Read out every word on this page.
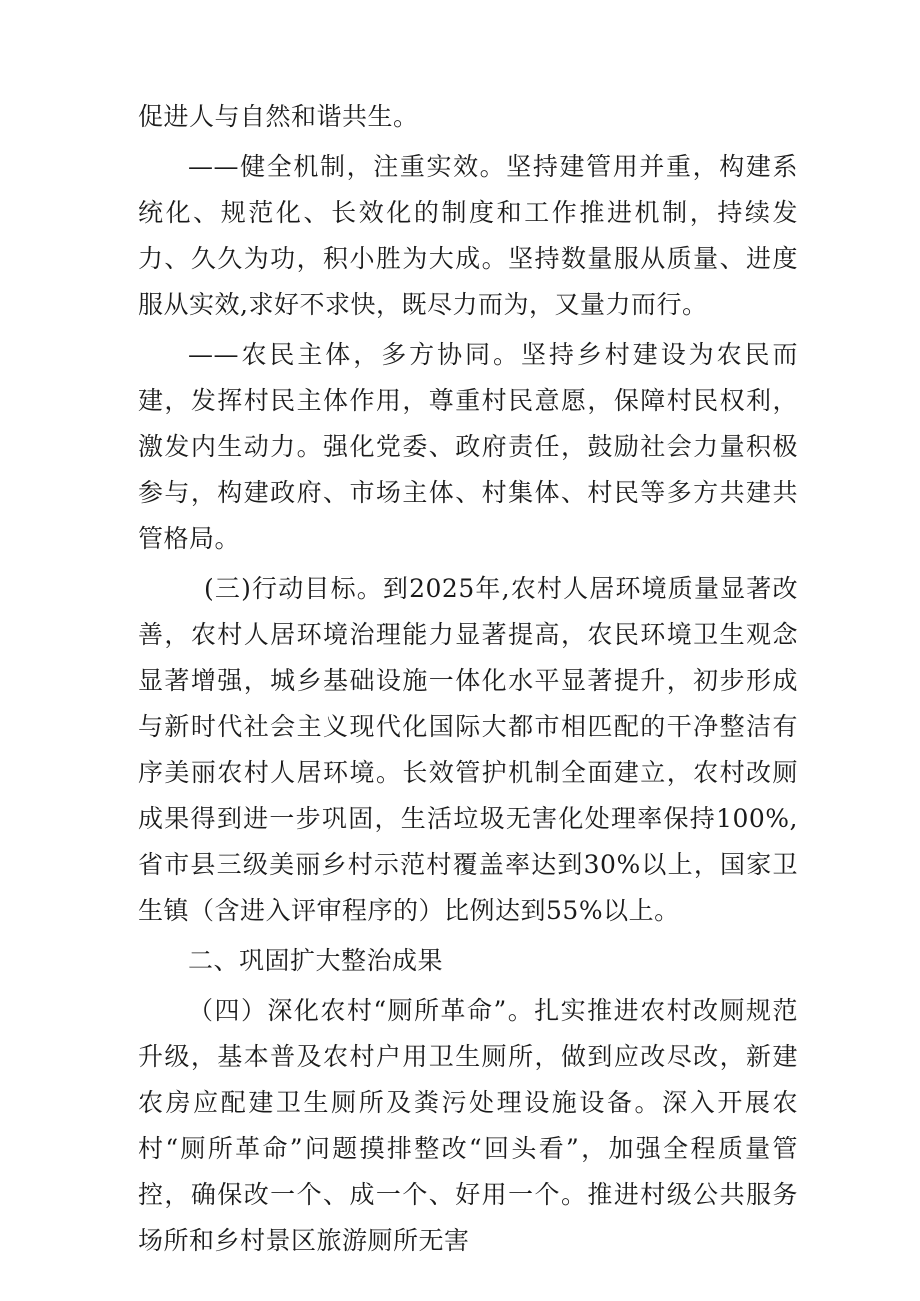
促进人与自然和谐共生。

——健全机制，注重实效。坚持建管用并重，构建系统化、规范化、长效化的制度和工作推进机制，持续发力、久久为功，积小胜为大成。坚持数量服从质量、进度服从实效,求好不求快，既尽力而为，又量力而行。

——农民主体，多方协同。坚持乡村建设为农民而建，发挥村民主体作用，尊重村民意愿，保障村民权利，激发内生动力。强化党委、政府责任，鼓励社会力量积极参与，构建政府、市场主体、村集体、村民等多方共建共管格局。

(三)行动目标。到2025年,农村人居环境质量显著改善，农村人居环境治理能力显著提高，农民环境卫生观念显著增强，城乡基础设施一体化水平显著提升，初步形成与新时代社会主义现代化国际大都市相匹配的干净整洁有序美丽农村人居环境。长效管护机制全面建立，农村改厕成果得到进一步巩固，生活垃圾无害化处理率保持100%,省市县三级美丽乡村示范村覆盖率达到30%以上，国家卫生镇（含进入评审程序的）比例达到55%以上。

二、巩固扩大整治成果

（四）深化农村“厕所革命”。扎实推进农村改厕规范升级，基本普及农村户用卫生厕所，做到应改尽改，新建农房应配建卫生厕所及粪污处理设施设备。深入开展农村“厕所革命”问题摸排整改“回头看”，加强全程质量管控，确保改一个、成一个、好用一个。推进村级公共服务场所和乡村景区旅游厕所无害
